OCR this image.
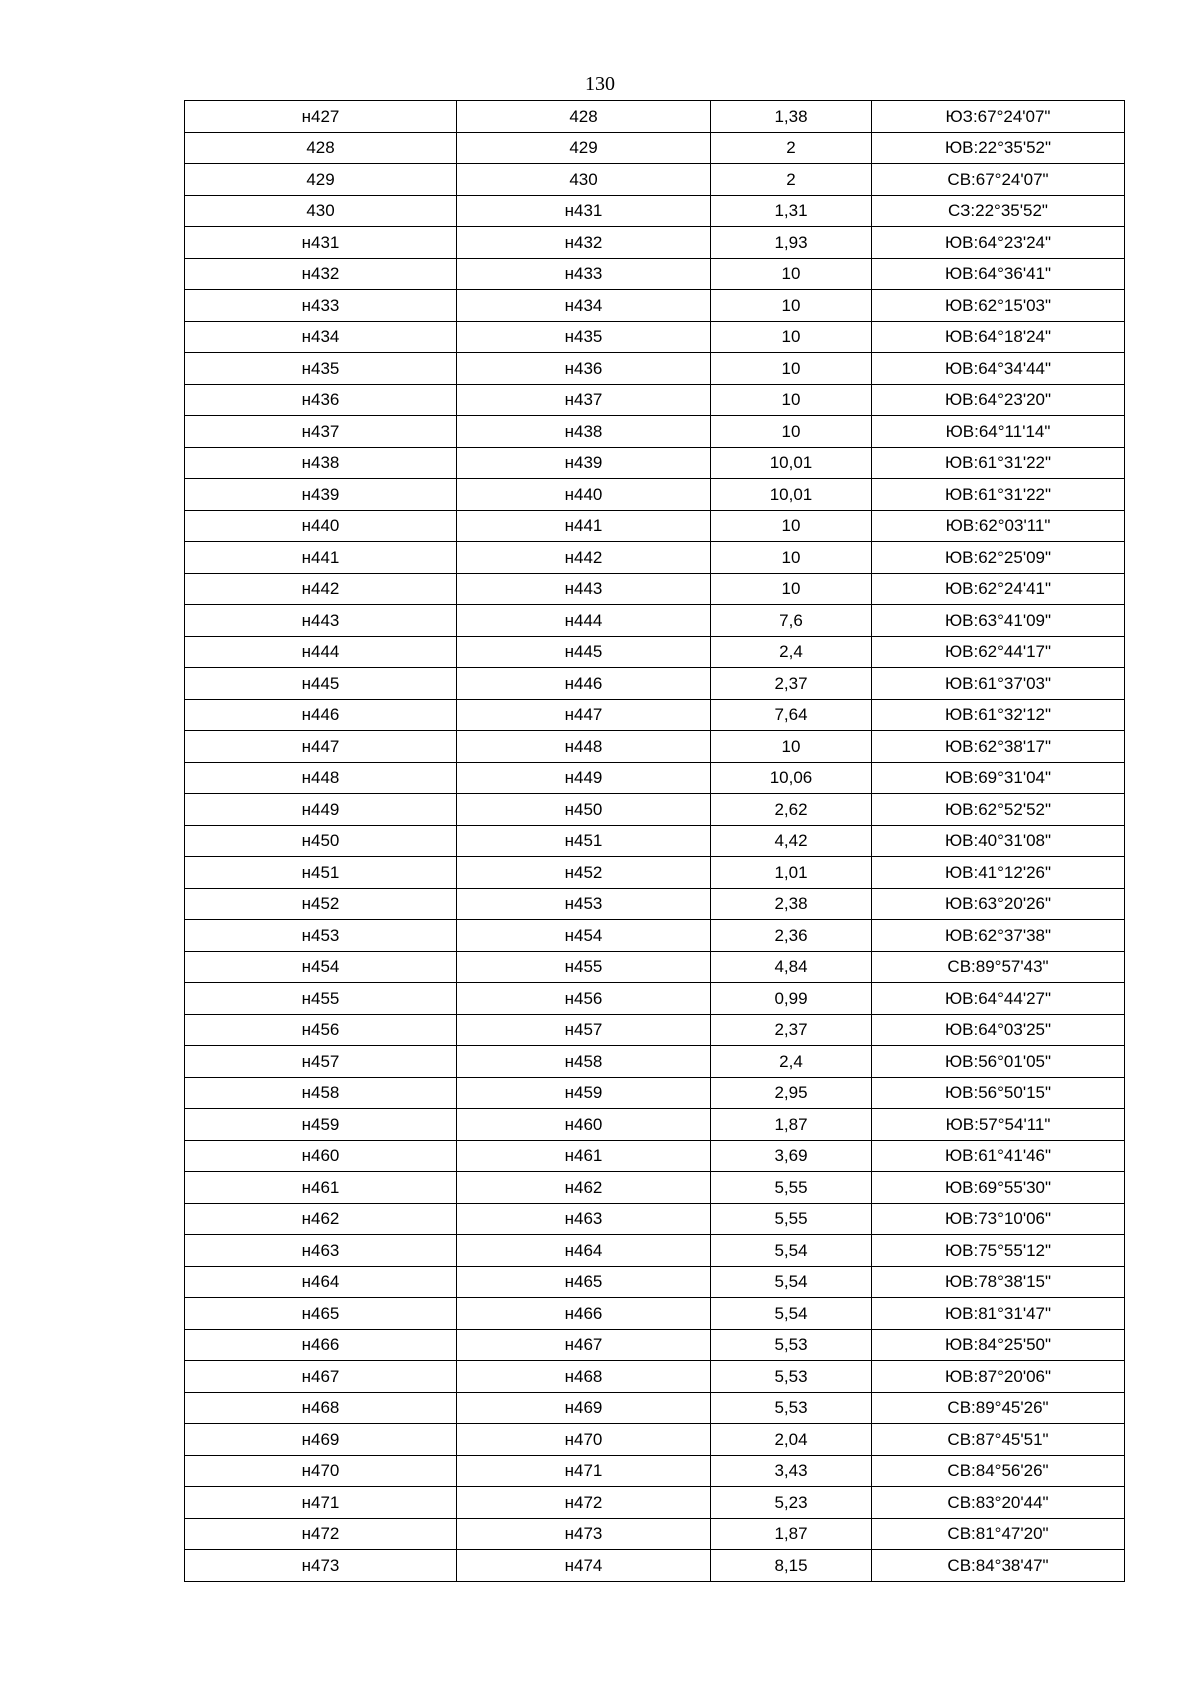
130
н427	428	1,38	ЮЗ:67°24'07"
428	429	2	ЮВ:22°35'52"
429	430	2	СВ:67°24'07"
430	н431	1,31	СЗ:22°35'52"
н431	н432	1,93	ЮВ:64°23'24"
н432	н433	10	ЮВ:64°36'41"
н433	н434	10	ЮВ:62°15'03"
н434	н435	10	ЮВ:64°18'24"
н435	н436	10	ЮВ:64°34'44"
н436	н437	10	ЮВ:64°23'20"
н437	н438	10	ЮВ:64°11'14"
н438	н439	10,01	ЮВ:61°31'22"
н439	н440	10,01	ЮВ:61°31'22"
н440	н441	10	ЮВ:62°03'11"
н441	н442	10	ЮВ:62°25'09"
н442	н443	10	ЮВ:62°24'41"
н443	н444	7,6	ЮВ:63°41'09"
н444	н445	2,4	ЮВ:62°44'17"
н445	н446	2,37	ЮВ:61°37'03"
н446	н447	7,64	ЮВ:61°32'12"
н447	н448	10	ЮВ:62°38'17"
н448	н449	10,06	ЮВ:69°31'04"
н449	н450	2,62	ЮВ:62°52'52"
н450	н451	4,42	ЮВ:40°31'08"
н451	н452	1,01	ЮВ:41°12'26"
н452	н453	2,38	ЮВ:63°20'26"
н453	н454	2,36	ЮВ:62°37'38"
н454	н455	4,84	СВ:89°57'43"
н455	н456	0,99	ЮВ:64°44'27"
н456	н457	2,37	ЮВ:64°03'25"
н457	н458	2,4	ЮВ:56°01'05"
н458	н459	2,95	ЮВ:56°50'15"
н459	н460	1,87	ЮВ:57°54'11"
н460	н461	3,69	ЮВ:61°41'46"
н461	н462	5,55	ЮВ:69°55'30"
н462	н463	5,55	ЮВ:73°10'06"
н463	н464	5,54	ЮВ:75°55'12"
н464	н465	5,54	ЮВ:78°38'15"
н465	н466	5,54	ЮВ:81°31'47"
н466	н467	5,53	ЮВ:84°25'50"
н467	н468	5,53	ЮВ:87°20'06"
н468	н469	5,53	СВ:89°45'26"
н469	н470	2,04	СВ:87°45'51"
н470	н471	3,43	СВ:84°56'26"
н471	н472	5,23	СВ:83°20'44"
н472	н473	1,87	СВ:81°47'20"
н473	н474	8,15	СВ:84°38'47"
